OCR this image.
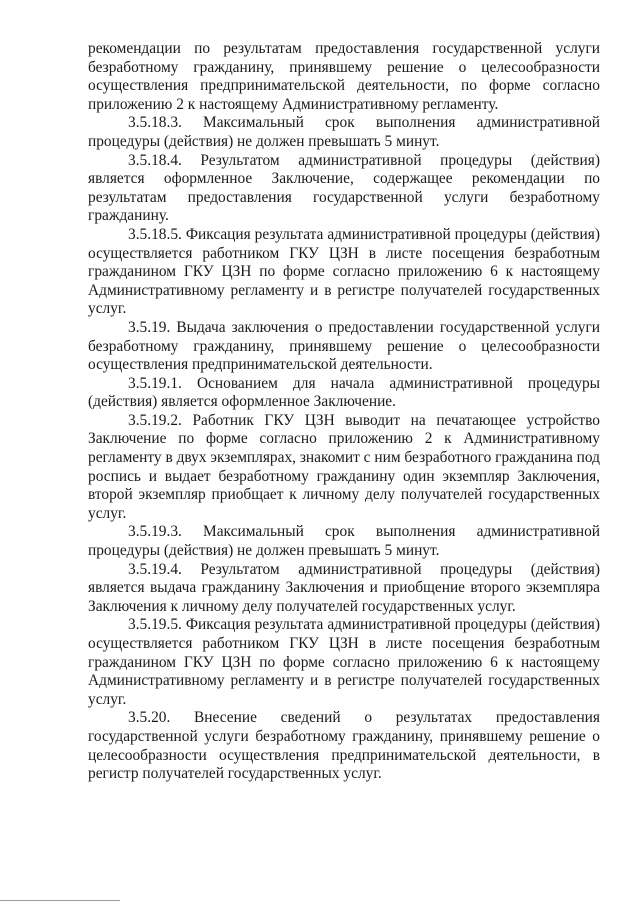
рекомендации по результатам предоставления государственной услуги безработному гражданину, принявшему решение о целесообразности осуществления предпринимательской деятельности, по форме согласно приложению 2 к настоящему Административному регламенту.

3.5.18.3. Максимальный срок выполнения административной процедуры (действия) не должен превышать 5 минут.

3.5.18.4. Результатом административной процедуры (действия) является оформленное Заключение, содержащее рекомендации по результатам предоставления государственной услуги безработному гражданину.

3.5.18.5. Фиксация результата административной процедуры (действия) осуществляется работником ГКУ ЦЗН в листе посещения безработным гражданином ГКУ ЦЗН по форме согласно приложению 6 к настоящему Административному регламенту и в регистре получателей государственных услуг.

3.5.19. Выдача заключения о предоставлении государственной услуги безработному гражданину, принявшему решение о целесообразности осуществления предпринимательской деятельности.

3.5.19.1. Основанием для начала административной процедуры (действия) является оформленное Заключение.

3.5.19.2. Работник ГКУ ЦЗН выводит на печатающее устройство Заключение по форме согласно приложению 2 к Административному регламенту в двух экземплярах, знакомит с ним безработного гражданина под роспись и выдает безработному гражданину один экземпляр Заключения, второй экземпляр приобщает к личному делу получателей государственных услуг.

3.5.19.3. Максимальный срок выполнения административной процедуры (действия) не должен превышать 5 минут.

3.5.19.4. Результатом административной процедуры (действия) является выдача гражданину Заключения и приобщение второго экземпляра Заключения к личному делу получателей государственных услуг.

3.5.19.5. Фиксация результата административной процедуры (действия) осуществляется работником ГКУ ЦЗН в листе посещения безработным гражданином ГКУ ЦЗН по форме согласно приложению 6 к настоящему Административному регламенту и в регистре получателей государственных услуг.

3.5.20. Внесение сведений о результатах предоставления государственной услуги безработному гражданину, принявшему решение о целесообразности осуществления предпринимательской деятельности, в регистр получателей государственных услуг.
